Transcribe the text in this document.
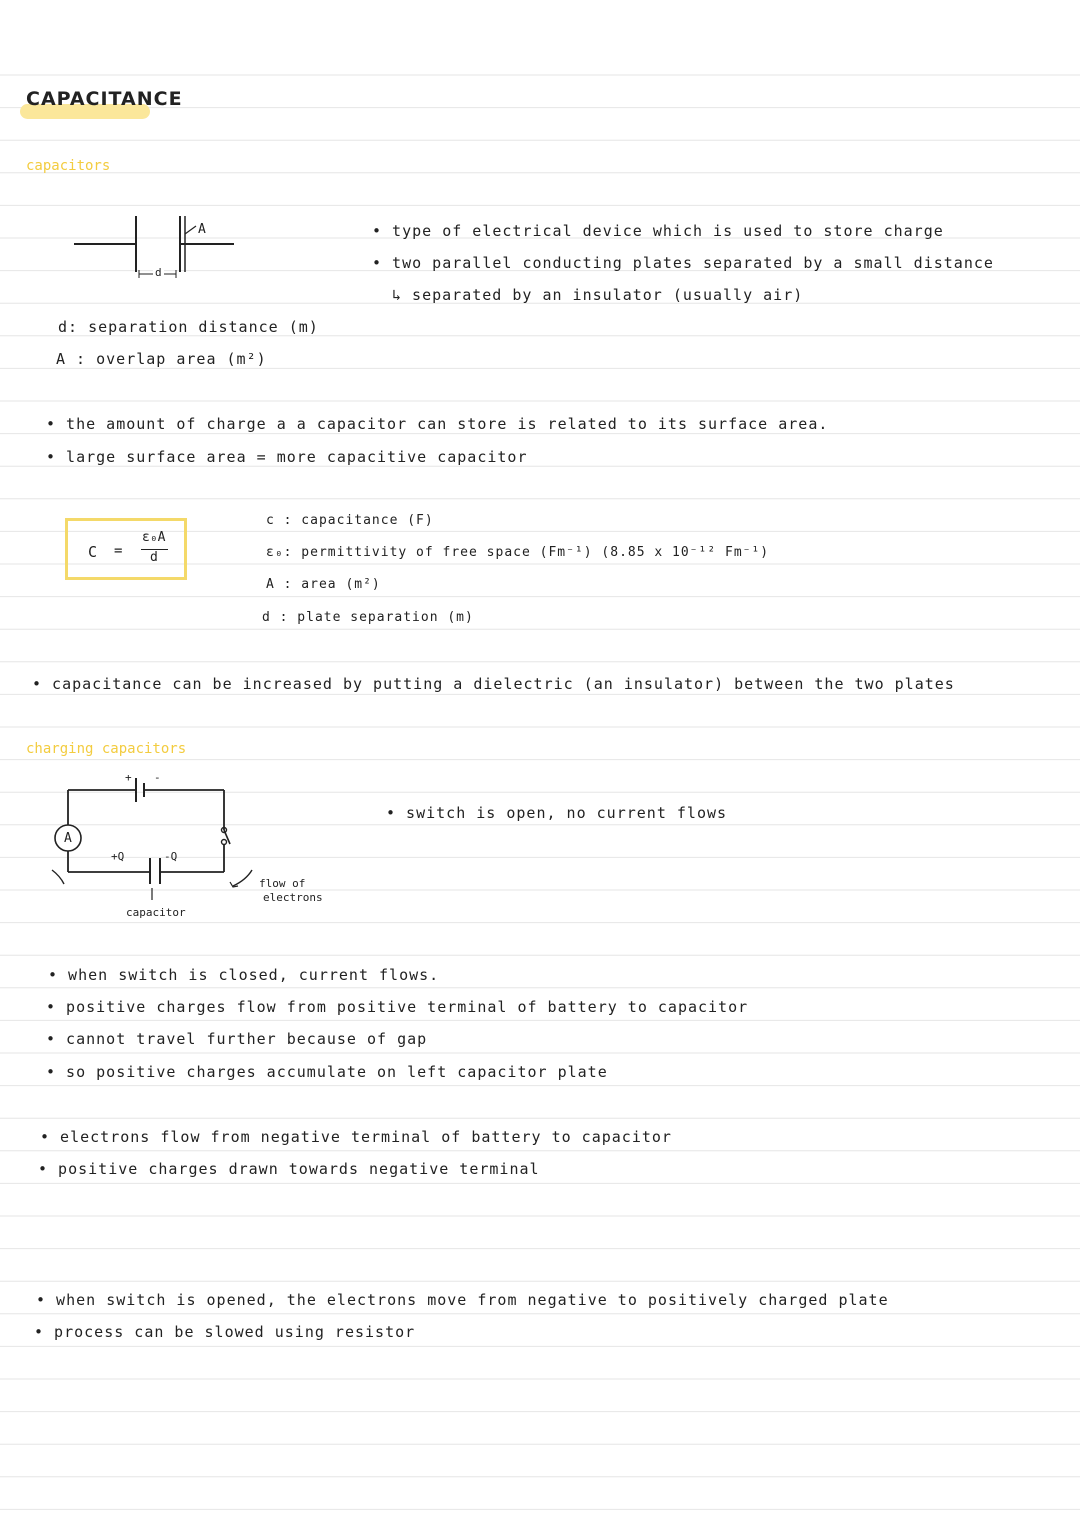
CAPACITANCE
capacitors
A
d
• type of electrical device which is used to store charge
• two parallel conducting plates separated by a small distance
↳ separated by an insulator (usually air)
d: separation distance (m)
A : overlap area (m²)
• the amount of charge a a capacitor can store is related to its surface area.
• large surface area = more capacitive capacitor
C =
ε₀A
d
c : capacitance (F)
ε₀: permittivity of free space (Fm⁻¹) (8.85 x 10⁻¹² Fm⁻¹)
A : area (m²)
d : plate separation (m)
• capacitance can be increased by putting a dielectric (an insulator) between the two plates
charging capacitors
+ -
A
+Q	-Q
capacitor
flow of
electrons
• switch is open, no current flows
• when switch is closed, current flows.
• positive charges flow from positive terminal of battery to capacitor
• cannot travel further because of gap
• so positive charges accumulate on left capacitor plate
• electrons flow from negative terminal of battery to capacitor
• positive charges drawn towards negative terminal
• when switch is opened, the electrons move from negative to positively charged plate
• process can be slowed using resistor
